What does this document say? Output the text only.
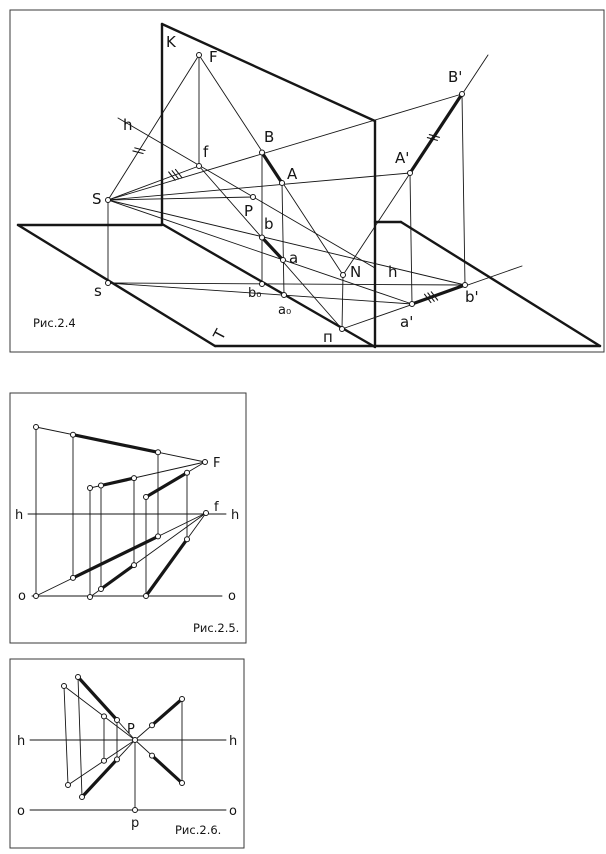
K
F
B'
h
f
B
A
A'
S
P
b
a
N h
s	b₀
a₀
п
a'
b'
T
Рис.2.4
F
f
h	h
o	o
Рис.2.5.
P
p
h	h
o	o
Рис.2.6.
